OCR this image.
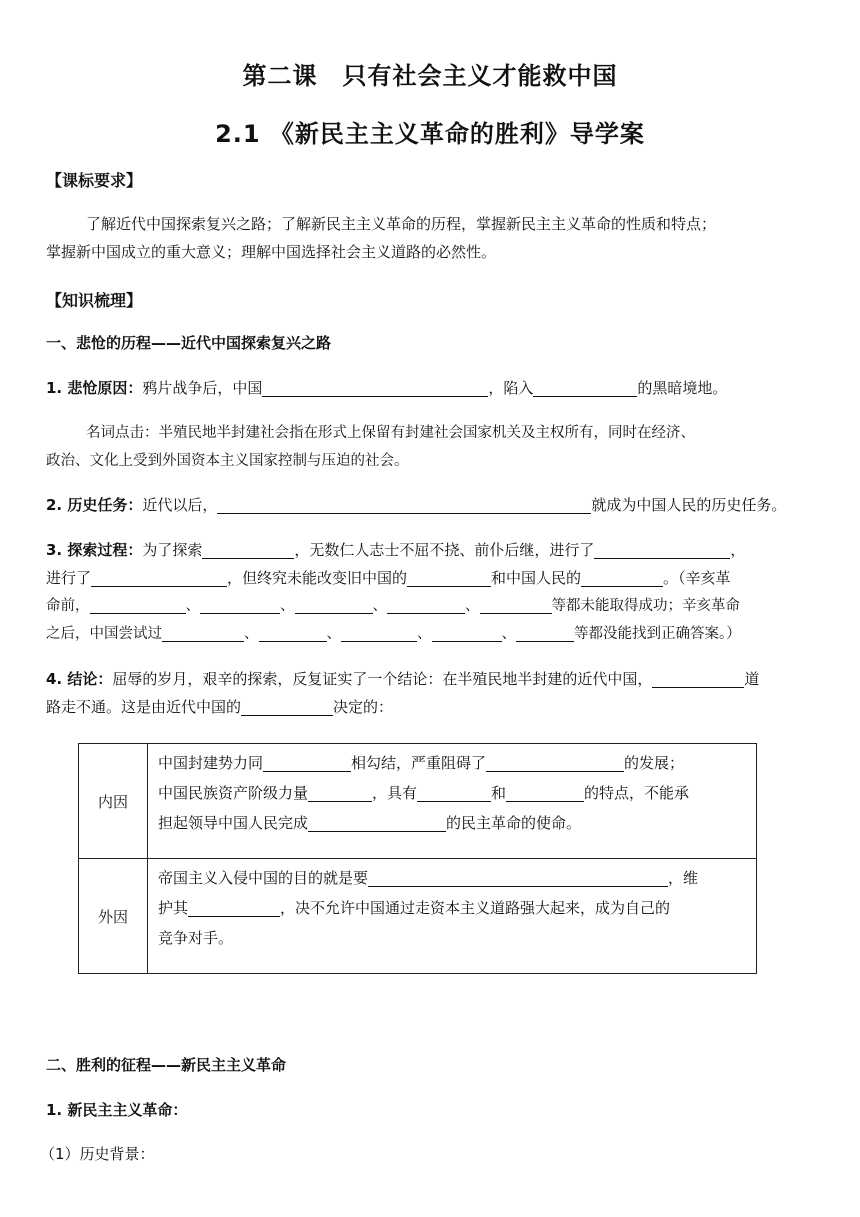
第二课　只有社会主义才能救中国
2.1 《新民主主义革命的胜利》导学案
【课标要求】
了解近代中国探索复兴之路；了解新民主主义革命的历程，掌握新民主主义革命的性质和特点；
掌握新中国成立的重大意义；理解中国选择社会主义道路的必然性。
【知识梳理】
一、悲怆的历程——近代中国探索复兴之路
1. 悲怆原因：鸦片战争后，中国	，陷入	的黑暗境地。
名词点击：半殖民地半封建社会指在形式上保留有封建社会国家机关及主权所有，同时在经济、
政治、文化上受到外国资本主义国家控制与压迫的社会。
2. 历史任务：近代以后，	就成为中国人民的历史任务。
3. 探索过程：为了探索	，无数仁人志士不屈不挠、前仆后继，进行了	，
进行了	，但终究未能改变旧中国的	和中国人民的	。（辛亥革
命前，	、	、	、	、	等都未能取得成功；辛亥革命
之后，中国尝试过	、	、	、	、	等都没能找到正确答案。）
4. 结论：屈辱的岁月，艰辛的探索，反复证实了一个结论：在半殖民地半封建的近代中国，	道
路走不通。这是由近代中国的	决定的：
内因	中国封建势力同 相勾结，严重阻碍了 的发展；
中国民族资产阶级力量 ，具有 和 的特点，不能承
担起领导中国人民完成 的民主革命的使命。

外因	帝国主义入侵中国的目的就是要 ，维
护其 ，决不允许中国通过走资本主义道路强大起来，成为自己的
竞争对手。
二、胜利的征程——新民主主义革命
1. 新民主主义革命：
（1）历史背景：
